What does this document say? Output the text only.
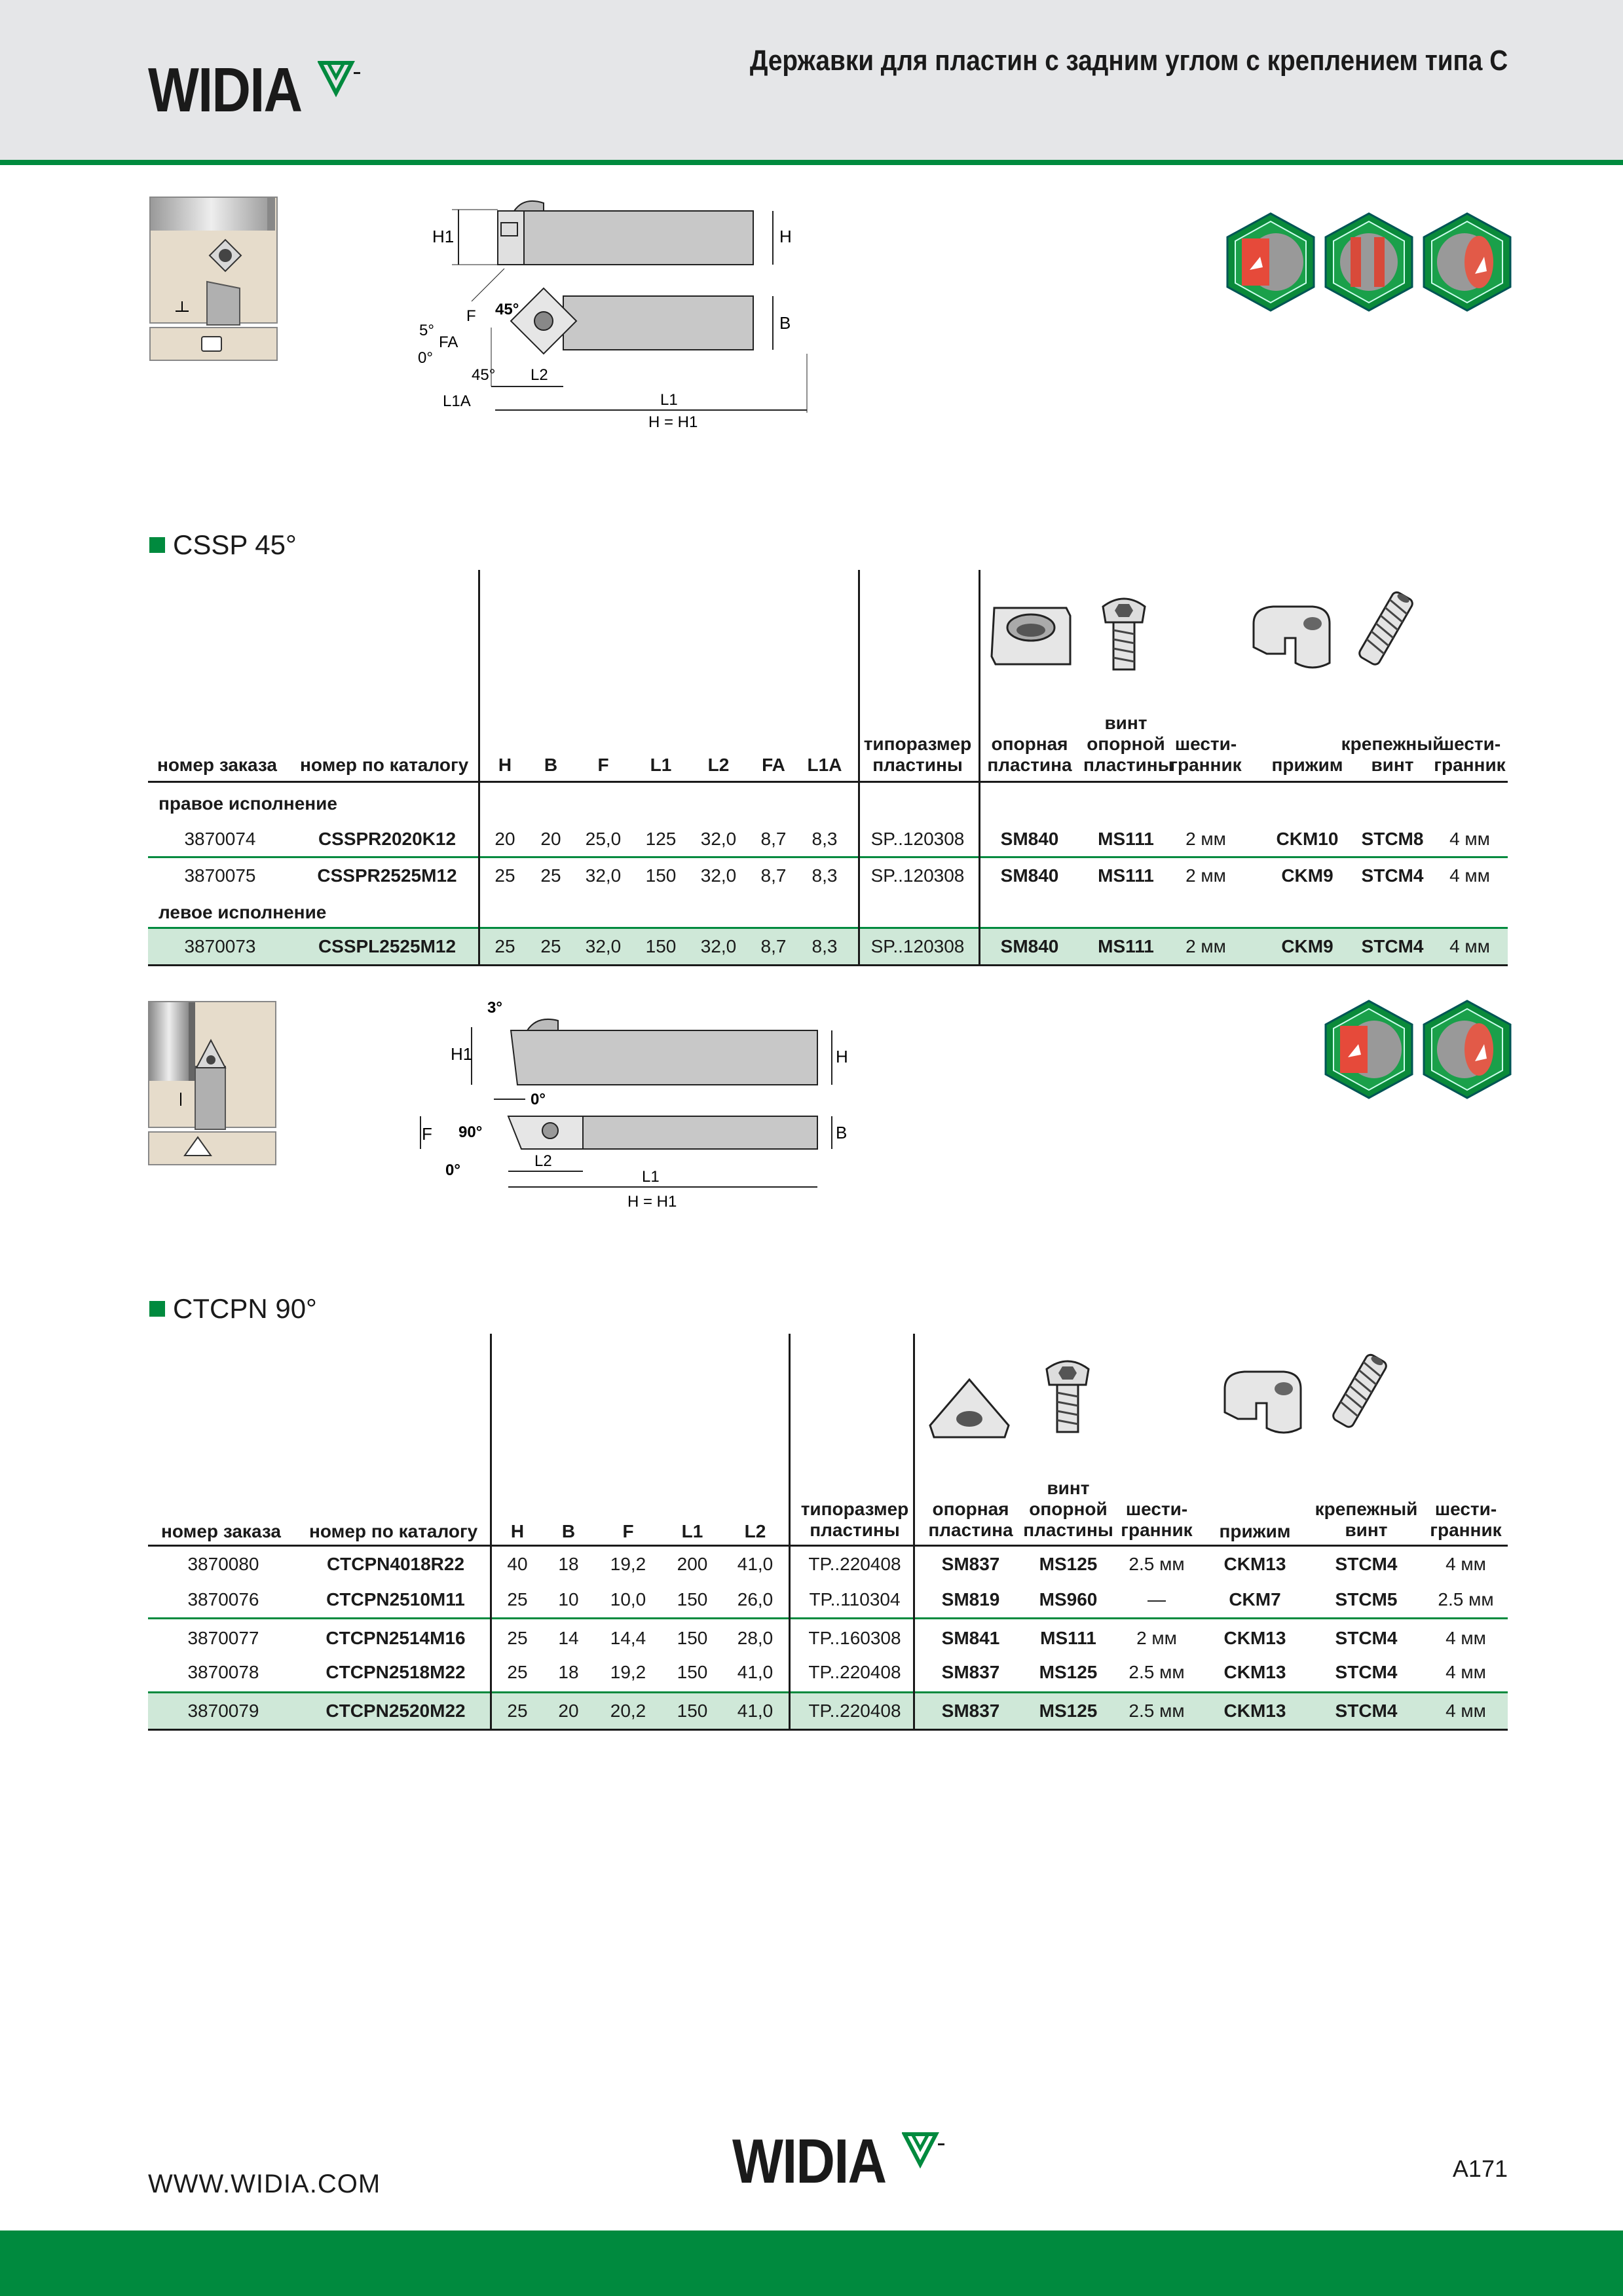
WIDIA	Державки для пластин с задним углом с креплением типа C
H1	H
B
5°
F
FA
0°
45°
45° L2
L1A	L1
H = H1
CSSP 45°
номер заказа номер по каталогу	H	B	F	L1	L2	FA	L1A
типоразмер
пластины
опорная
пластина
винт
опорной
пластины
шести-
гранник	прижим
крепежный
винт
шести-
гранник
правое исполнение
3870074	CSSPR2020K12	20	20	25,0	125	32,0	8,7	8,3	SP..120308	SM840	MS111	2 мм	CKM10	STCM8	4 мм
3870075	CSSPR2525M12	25	25	32,0	150	32,0	8,7	8,3	SP..120308	SM840	MS111	2 мм	CKM9	STCM4	4 мм
левое исполнение
3870073	CSSPL2525M12	25	25	32,0	150	32,0	8,7	8,3	SP..120308	SM840	MS111	2 мм	CKM9	STCM4	4 мм
3°
H1	H
0°
F 90°	B
0°
L2
L1
H = H1
CTCPN 90°
номер заказа номер по каталогу	H	B	F	L1	L2
типоразмер
пластины
опорная
пластина
винт
опорной
пластины
шести-
гранник	прижим
крепежный
винт
шести-
гранник
3870080	CTCPN4018R22	40	18	19,2	200	41,0	TP..220408	SM837	MS125	2.5 мм	CKM13	STCM4	4 мм
3870076	CTCPN2510M11	25	10	10,0	150	26,0	TP..110304	SM819	MS960	—	CKM7	STCM5	2.5 мм
3870077	CTCPN2514M16	25	14	14,4	150	28,0	TP..160308	SM841	MS111	2 мм	CKM13	STCM4	4 мм
3870078	CTCPN2518M22	25	18	19,2	150	41,0	TP..220408	SM837	MS125	2.5 мм	CKM13	STCM4	4 мм
3870079	CTCPN2520M22	25	20	20,2	150	41,0	TP..220408	SM837	MS125	2.5 мм	CKM13	STCM4	4 мм
WWW.WIDIA.COM	WIDIA	A171
